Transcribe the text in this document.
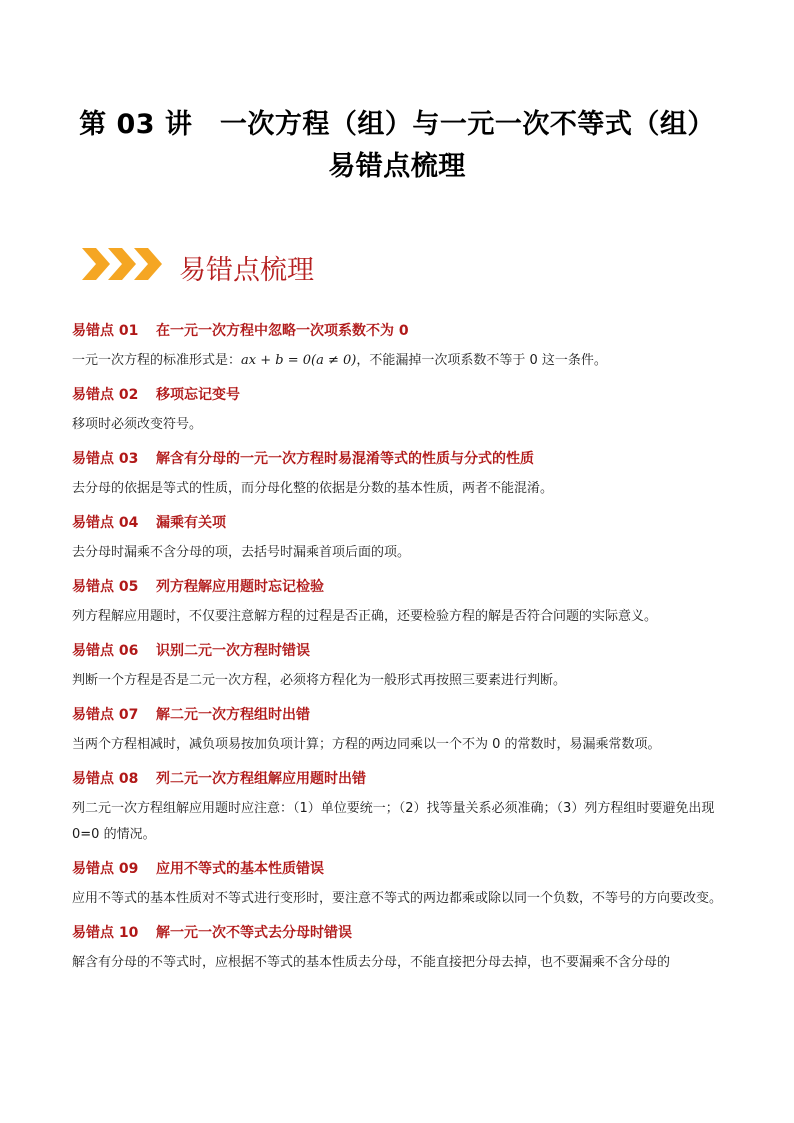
第 03 讲　一次方程（组）与一元一次不等式（组）
易错点梳理
易错点梳理
易错点 01 在一元一次方程中忽略一次项系数不为 0
一元一次方程的标准形式是：ax + b = 0(a ≠ 0)，不能漏掉一次项系数不等于 0 这一条件。
易错点 02 移项忘记变号
移项时必须改变符号。
易错点 03 解含有分母的一元一次方程时易混淆等式的性质与分式的性质
去分母的依据是等式的性质，而分母化整的依据是分数的基本性质，两者不能混淆。
易错点 04 漏乘有关项
去分母时漏乘不含分母的项，去括号时漏乘首项后面的项。
易错点 05 列方程解应用题时忘记检验
列方程解应用题时，不仅要注意解方程的过程是否正确，还要检验方程的解是否符合问题的实际意义。
易错点 06 识别二元一次方程时错误
判断一个方程是否是二元一次方程，必须将方程化为一般形式再按照三要素进行判断。
易错点 07 解二元一次方程组时出错
当两个方程相减时，减负项易按加负项计算；方程的两边同乘以一个不为 0 的常数时，易漏乘常数项。
易错点 08 列二元一次方程组解应用题时出错
列二元一次方程组解应用题时应注意：（1）单位要统一；（2）找等量关系必须准确；（3）列方程组时要避免出现 0=0 的情况。
易错点 09 应用不等式的基本性质错误
应用不等式的基本性质对不等式进行变形时，要注意不等式的两边都乘或除以同一个负数，不等号的方向要改变。
易错点 10 解一元一次不等式去分母时错误
解含有分母的不等式时，应根据不等式的基本性质去分母，不能直接把分母去掉，也不要漏乘不含分母的
